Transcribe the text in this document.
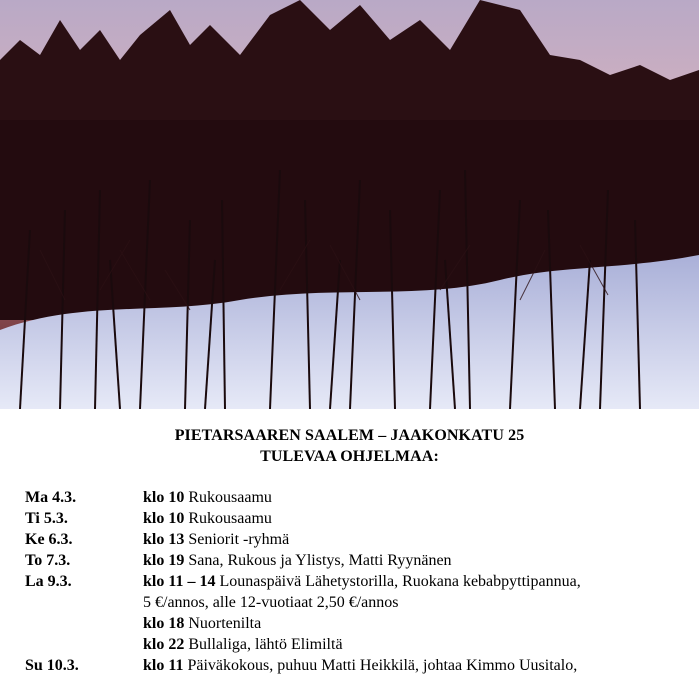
PIETARSAAREN SAALEM – JAAKONKATU 25
TULEVAA OHJELMAA:
Ma 4.3.	klo 10 Rukousaamu
Ti 5.3.	klo 10 Rukousaamu
Ke 6.3.	klo 13 Seniorit -ryhmä
To 7.3.	klo 19 Sana, Rukous ja Ylistys, Matti Ryynänen
La 9.3.	klo 11 – 14 Lounaspäivä Lähetystorilla, Ruokana kebabpyttipannua,
5 €/annos, alle 12-vuotiaat 2,50 €/annos
klo 18 Nuortenilta
klo 22 Bullaliga, lähtö Elimiltä
Su 10.3.	klo 11 Päiväkokous, puhuu Matti Heikkilä, johtaa Kimmo Uusitalo,
